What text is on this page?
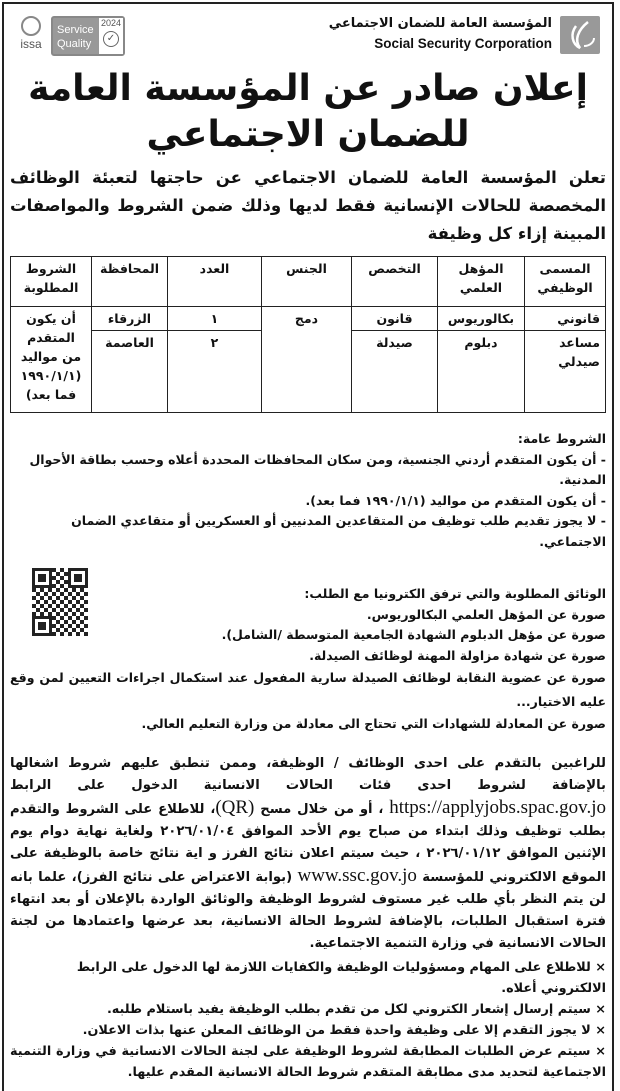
المؤسسة العامة للضمان الاجتماعي
Social Security Corporation
issa
Service Quality
2024
✓
إعلان صادر عن المؤسسة العامة للضمان الاجتماعي
تعلن المؤسسة العامة للضمان الاجتماعي عن حاجتها لتعبئة الوظائف المخصصة للحالات الإنسانية فقط لديها وذلك ضمن الشروط والمواصفات المبينة إزاء كل وظيفة
المسمى الوظيفي	المؤهل العلمي	التخصص	الجنس	العدد	المحافظة	الشروط المطلوبة
قانوني	بكالوريوس	قانون	دمج	١	الزرقاء	أن يكون المتقدم من مواليد (١٩٩٠/١/١ فما بعد)
مساعد صيدلي	دبلوم	صيدلة		٢	العاصمة	
الشروط عامة:
- أن يكون المتقدم أردني الجنسية، ومن سكان المحافظات المحددة أعلاه وحسب بطاقة الأحوال المدنية.
- أن يكون المتقدم من مواليد (١٩٩٠/١/١ فما بعد).
- لا يجوز تقديم طلب توظيف من المتقاعدين المدنيين أو العسكريين أو متقاعدي الضمان الاجتماعي.
الوثائق المطلوبة والتي ترفق الكترونيا مع الطلب:
صورة عن المؤهل العلمي البكالوريوس.
صورة عن مؤهل الدبلوم الشهادة الجامعية المتوسطة /الشامل).
صورة عن شهادة مزاولة المهنة لوظائف الصيدلة.
صورة عن عضوية النقابة لوظائف الصيدلة سارية المفعول عند استكمال اجراءات التعيين لمن وقع عليه الاختيار...
صورة عن المعادلة للشهادات التي تحتاج الى معادلة من وزارة التعليم العالي.
للراغبين بالتقدم على احدى الوظائف / الوظيفة، وممن تنطبق عليهم شروط اشغالها بالإضافة لشروط احدى فئات الحالات الانسانية الدخول على الرابط https://applyjobs.spac.gov.jo ، أو من خلال مسح (QR)، للاطلاع على الشروط والتقدم بطلب توظيف وذلك ابتداء من صباح يوم الأحد الموافق ٢٠٢٦/٠١/٠٤ ولغاية نهاية دوام يوم الإثنين الموافق ٢٠٢٦/٠١/١٢ ، حيث سيتم اعلان نتائج الفرز و اية نتائج خاصة بالوظيفة على الموقع الالكتروني للمؤسسة www.ssc.gov.jo (بوابة الاعتراض على نتائج الفرز)، علما بانه لن يتم النظر بأي طلب غير مستوف لشروط الوظيفة والوثائق الواردة بالإعلان أو بعد انتهاء فترة استقبال الطلبات، بالإضافة لشروط الحالة الانسانية، بعد عرضها واعتمادها من لجنة الحالات الانسانية في وزارة التنمية الاجتماعية.
× للاطلاع على المهام ومسؤوليات الوظيفة والكفايات اللازمة لها الدخول على الرابط الالكتروني أعلاه.
× سيتم إرسال إشعار الكتروني لكل من تقدم بطلب الوظيفة يفيد باستلام طلبه.
× لا يجوز التقدم إلا على وظيفة واحدة فقط من الوظائف المعلن عنها بذات الاعلان.
× سيتم عرض الطلبات المطابقة لشروط الوظيفة على لجنة الحالات الانسانية في وزارة التنمية الاجتماعية لتحديد مدى مطابقة المتقدم شروط الحالة الانسانية المقدم عليها.
